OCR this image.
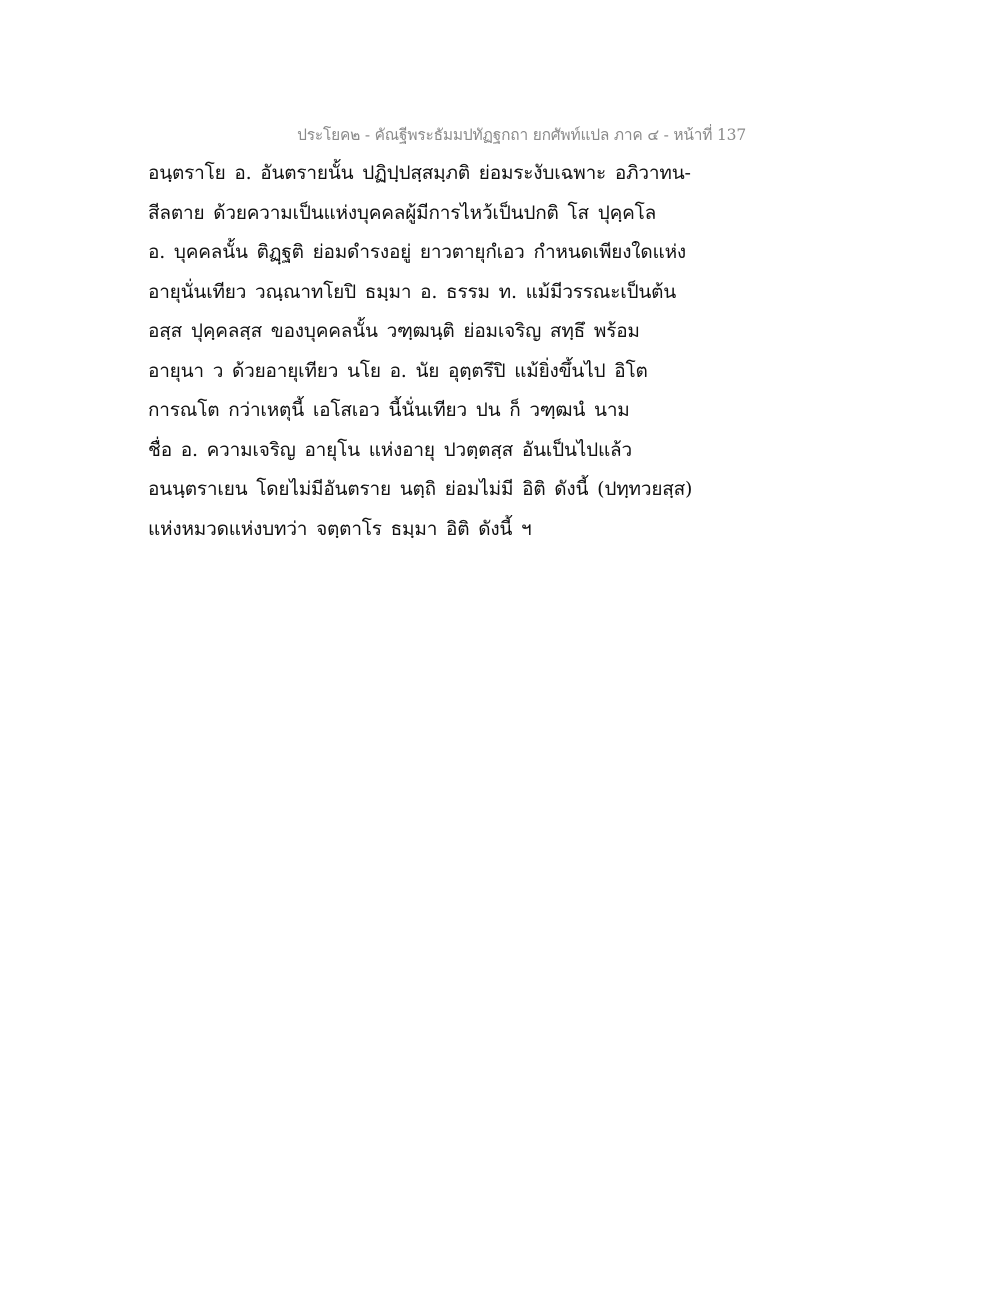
ประโยค๒ - คัณฐีพระธัมมปทัฏฐกถา ยกศัพท์แปล ภาค ๔ - หน้าที่ 137
อนฺตราโย อ. อันตรายนั้น ปฏิปฺปสฺสมฺภติ ย่อมระงับเฉพาะ อภิวาทน-
สีลตาย ด้วยความเป็นแห่งบุคคลผู้มีการไหว้เป็นปกติ โส ปุคฺคโล
อ. บุคคลนั้น ติฏฺฐติ ย่อมดำรงอยู่ ยาวตายุกํเอว กำหนดเพียงใดแห่ง
อายุนั่นเทียว วณฺณาทโยปิ ธมฺมา อ. ธรรม ท. แม้มีวรรณะเป็นต้น
อสฺส ปุคฺคลสฺส ของบุคคลนั้น วฑฺฒนฺติ ย่อมเจริญ สทฺธึ พร้อม
อายุนา ว ด้วยอายุเทียว นโย อ. นัย อุตฺตรึปิ แม้ยิ่งขึ้นไป อิโต
การณโต กว่าเหตุนี้ เอโสเอว นี้นั่นเทียว ปน ก็ วฑฺฒนํ นาม
ชื่อ อ. ความเจริญ อายุโน แห่งอายุ ปวตฺตสฺส อันเป็นไปแล้ว
อนนฺตราเยน โดยไม่มีอันตราย นตฺถิ ย่อมไม่มี อิติ ดังนี้ (ปทฺทวยสฺส)
แห่งหมวดแห่งบทว่า จตฺตาโร ธมฺมา อิติ ดังนี้ ฯ
